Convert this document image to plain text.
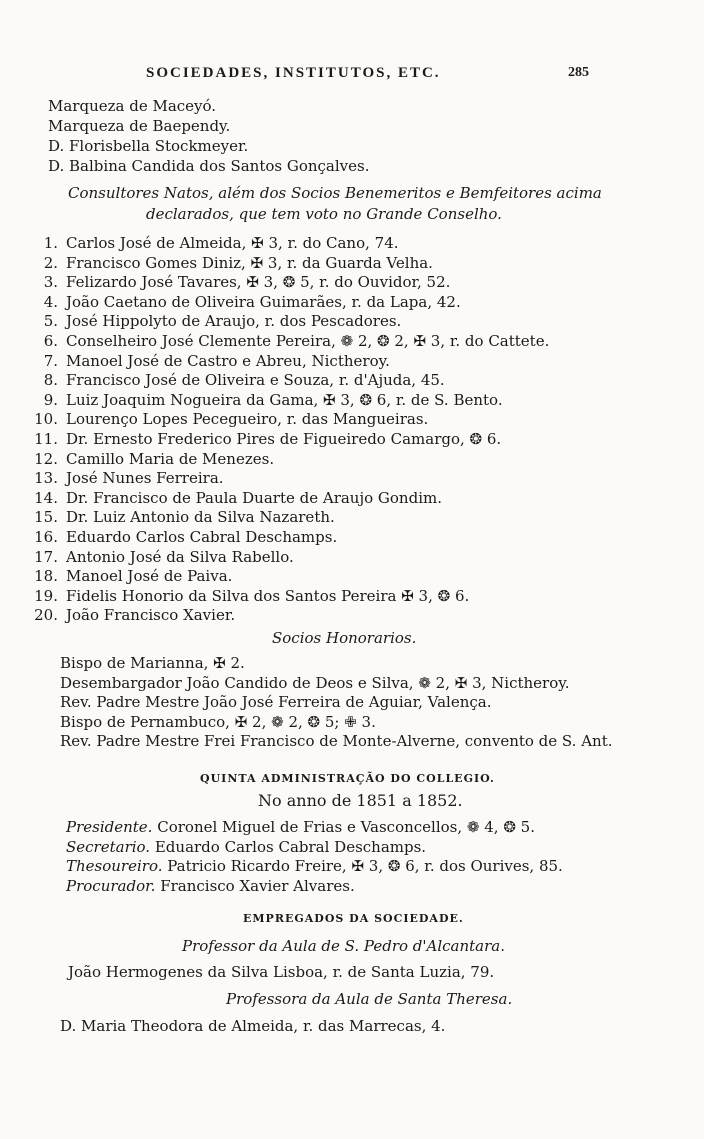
SOCIEDADES, INSTITUTOS, ETC.	285
Marqueza de Maceyó.
Marqueza de Baependy.
D. Florisbella Stockmeyer.
D. Balbina Candida dos Santos Gonçalves.
Consultores Natos, além dos Socios Benemeritos e Bemfeitores acima
declarados, que tem voto no Grande Conselho.
1. Carlos José de Almeida, ✠ 3, r. do Cano, 74.
2. Francisco Gomes Diniz, ✠ 3, r. da Guarda Velha.
3. Felizardo José Tavares, ✠ 3, ❂ 5, r. do Ouvidor, 52.
4. João Caetano de Oliveira Guimarães, r. da Lapa, 42.
5. José Hippolyto de Araujo, r. dos Pescadores.
6. Conselheiro José Clemente Pereira, ❁ 2, ❂ 2, ✠ 3, r. do Cattete.
7. Manoel José de Castro e Abreu, Nictheroy.
8. Francisco José de Oliveira e Souza, r. d'Ajuda, 45.
9. Luiz Joaquim Nogueira da Gama, ✠ 3, ❂ 6, r. de S. Bento.
10. Lourenço Lopes Pecegueiro, r. das Mangueiras.
11. Dr. Ernesto Frederico Pires de Figueiredo Camargo, ❂ 6.
12. Camillo Maria de Menezes.
13. José Nunes Ferreira.
14. Dr. Francisco de Paula Duarte de Araujo Gondim.
15. Dr. Luiz Antonio da Silva Nazareth.
16. Eduardo Carlos Cabral Deschamps.
17. Antonio José da Silva Rabello.
18. Manoel José de Paiva.
19. Fidelis Honorio da Silva dos Santos Pereira ✠ 3, ❂ 6.
20. João Francisco Xavier.
Socios Honorarios.
Bispo de Marianna, ✠ 2.
Desembargador João Candido de Deos e Silva, ❁ 2, ✠ 3, Nictheroy.
Rev. Padre Mestre João José Ferreira de Aguiar, Valença.
Bispo de Pernambuco, ✠ 2, ❁ 2, ❂ 5; ✙ 3.
Rev. Padre Mestre Frei Francisco de Monte-Alverne, convento de S. Ant.
QUINTA ADMINISTRAÇÃO DO COLLEGIO.
No anno de 1851 a 1852.
Presidente. Coronel Miguel de Frias e Vasconcellos, ❁ 4, ❂ 5.
Secretario. Eduardo Carlos Cabral Deschamps.
Thesoureiro. Patricio Ricardo Freire, ✠ 3, ❂ 6, r. dos Ourives, 85.
Procurador. Francisco Xavier Alvares.
EMPREGADOS DA SOCIEDADE.
Professor da Aula de S. Pedro d'Alcantara.
João Hermogenes da Silva Lisboa, r. de Santa Luzia, 79.
Professora da Aula de Santa Theresa.
D. Maria Theodora de Almeida, r. das Marrecas, 4.
